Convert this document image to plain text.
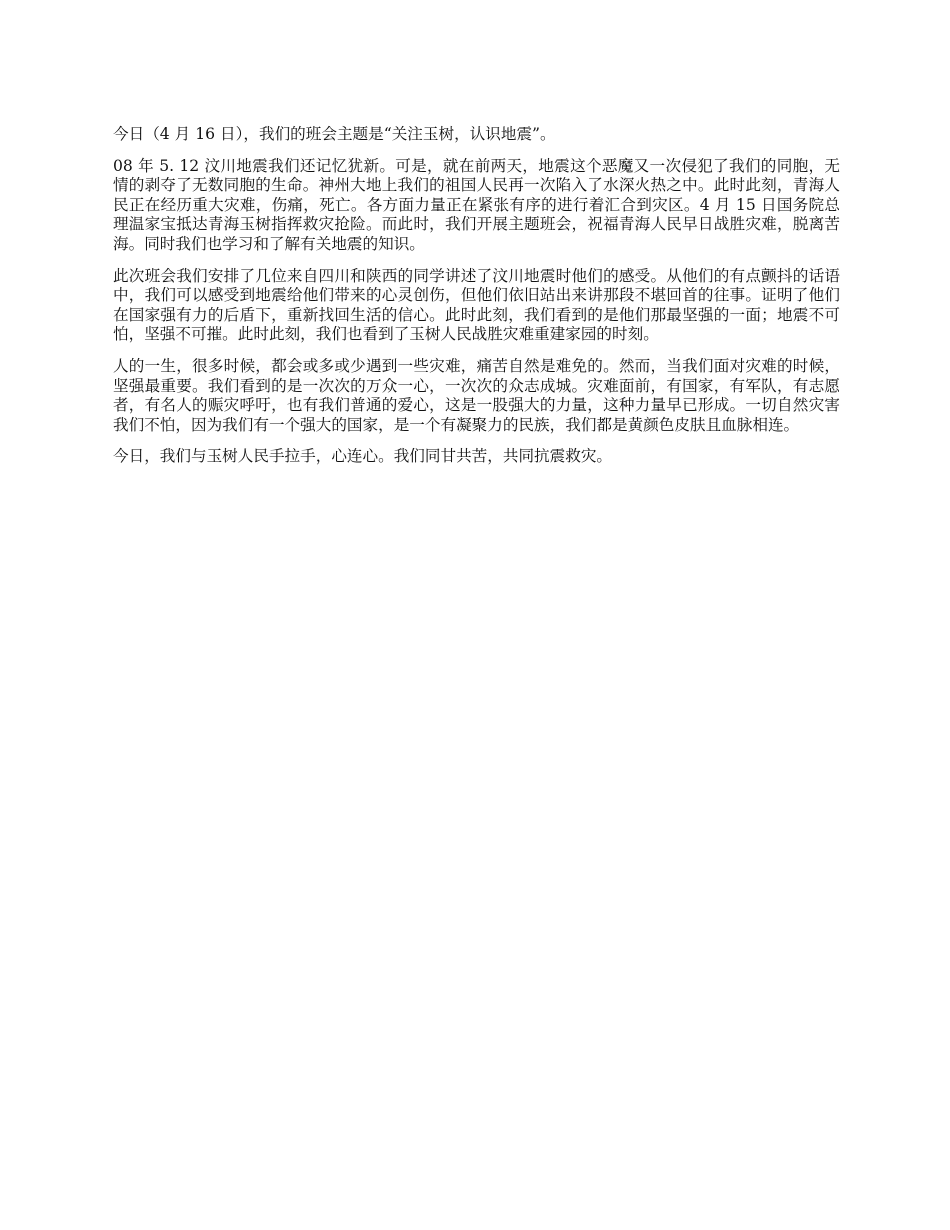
今日（4 月 16 日），我们的班会主题是“关注玉树，认识地震”。

08 年 5. 12 汶川地震我们还记忆犹新。可是，就在前两天，地震这个恶魔又一次侵犯了我们的同胞，无情的剥夺了无数同胞的生命。神州大地上我们的祖国人民再一次陷入了水深火热之中。此时此刻，青海人民正在经历重大灾难，伤痛，死亡。各方面力量正在紧张有序的进行着汇合到灾区。4 月 15 日国务院总理温家宝抵达青海玉树指挥救灾抢险。而此时，我们开展主题班会，祝福青海人民早日战胜灾难，脱离苦海。同时我们也学习和了解有关地震的知识。

此次班会我们安排了几位来自四川和陕西的同学讲述了汶川地震时他们的感受。从他们的有点颤抖的话语中，我们可以感受到地震给他们带来的心灵创伤，但他们依旧站出来讲那段不堪回首的往事。证明了他们在国家强有力的后盾下，重新找回生活的信心。此时此刻，我们看到的是他们那最坚强的一面；地震不可怕，坚强不可摧。此时此刻，我们也看到了玉树人民战胜灾难重建家园的时刻。

人的一生，很多时候，都会或多或少遇到一些灾难，痛苦自然是难免的。然而，当我们面对灾难的时候，坚强最重要。我们看到的是一次次的万众一心，一次次的众志成城。灾难面前，有国家，有军队，有志愿者，有名人的赈灾呼吁，也有我们普通的爱心，这是一股强大的力量，这种力量早已形成。一切自然灾害我们不怕，因为我们有一个强大的国家，是一个有凝聚力的民族，我们都是黄颜色皮肤且血脉相连。

今日，我们与玉树人民手拉手，心连心。我们同甘共苦，共同抗震救灾。
